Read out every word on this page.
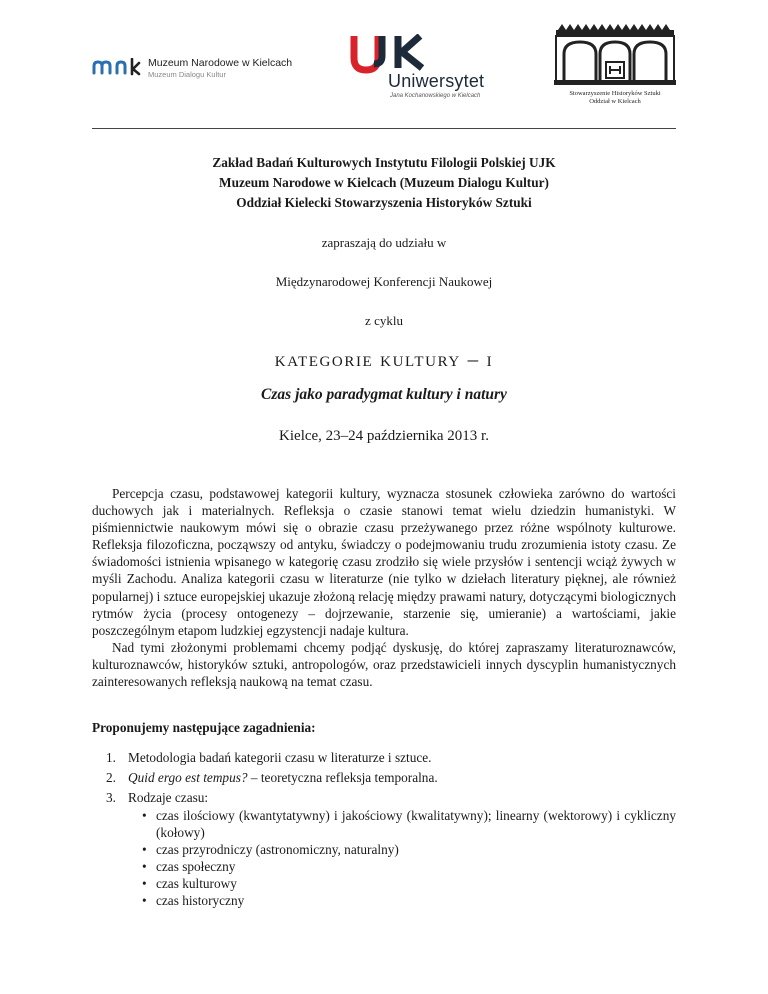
Muzeum Narodowe w Kielcach
Muzeum Dialogu Kultur	Uniwersytet
Jana Kochanowskiego w Kielcach	Stowarzyszenie Historyków Sztuki
Oddział w Kielcach
Zakład Badań Kulturowych Instytutu Filologii Polskiej UJK
Muzeum Narodowe w Kielcach (Muzeum Dialogu Kultur)
Oddział Kielecki Stowarzyszenia Historyków Sztuki
zapraszają do udziału w
Międzynarodowej Konferencji Naukowej
z cyklu
kategorie kultury – i
Czas jako paradygmat kultury i natury
Kielce, 23–24 października 2013 r.

Percepcja czasu, podstawowej kategorii kultury, wyznacza stosunek człowieka zarówno do wartości duchowych jak i materialnych. Refleksja o czasie stanowi temat wielu dziedzin humanistyki. W piśmiennictwie naukowym mówi się o obrazie czasu przeżywanego przez różne wspólnoty kulturowe. Refleksja filozoficzna, począwszy od antyku, świadczy o podejmowaniu trudu zrozumienia istoty czasu. Ze świadomości istnienia wpisanego w kategorię czasu zrodziło się wiele przysłów i sentencji wciąż żywych w myśli Zachodu. Analiza kategorii czasu w literaturze (nie tylko w dziełach literatury pięknej, ale również popularnej) i sztuce europejskiej ukazuje złożoną relację między prawami natury, dotyczącymi biologicznych rytmów życia (procesy ontogenezy – dojrzewanie, starzenie się, umieranie) a wartościami, jakie poszczególnym etapom ludzkiej egzystencji nadaje kultura.

Nad tymi złożonymi problemami chcemy podjąć dyskusję, do której zapraszamy literaturoznawców, kulturoznawców, historyków sztuki, antropologów, oraz przedstawicieli innych dyscyplin humanistycznych zainteresowanych refleksją naukową na temat czasu.

Proponujemy następujące zagadnienia:
1. Metodologia badań kategorii czasu w literaturze i sztuce.
2. Quid ergo est tempus? – teoretyczna refleksja temporalna.
3. Rodzaje czasu:
• czas ilościowy (kwantytatywny) i jakościowy (kwalitatywny); linearny (wektorowy) i cykliczny (kołowy)
• czas przyrodniczy (astronomiczny, naturalny)
• czas społeczny
• czas kulturowy
• czas historyczny
